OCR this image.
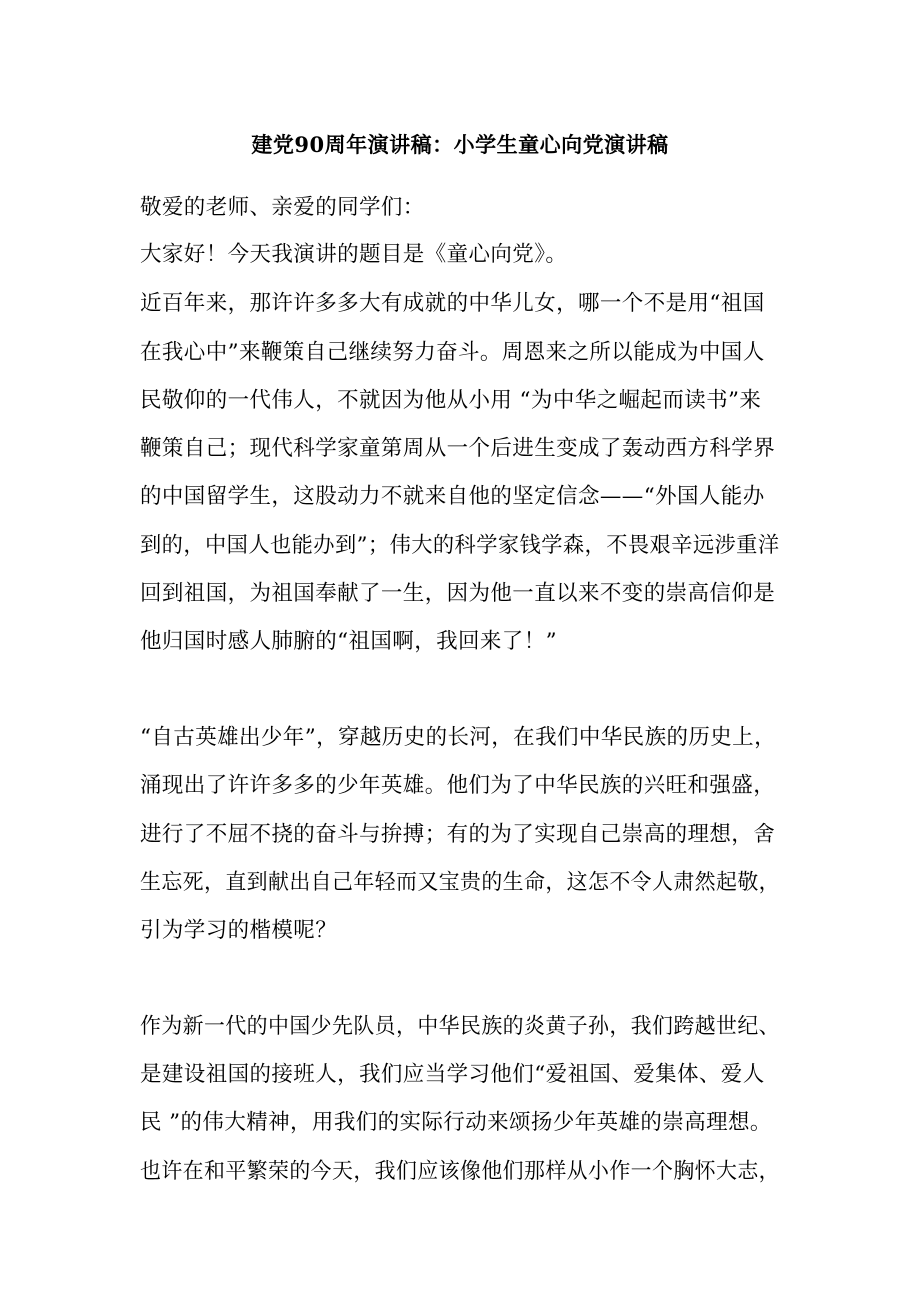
建党90周年演讲稿：小学生童心向党演讲稿
敬爱的老师、亲爱的同学们：
大家好！今天我演讲的题目是《童心向党》。
近百年来，那许许多多大有成就的中华儿女，哪一个不是用“祖国
在我心中”来鞭策自己继续努力奋斗。周恩来之所以能成为中国人
民敬仰的一代伟人，不就因为他从小用 “为中华之崛起而读书”来
鞭策自己；现代科学家童第周从一个后进生变成了轰动西方科学界
的中国留学生，这股动力不就来自他的坚定信念——“外国人能办
到的，中国人也能办到”；伟大的科学家钱学森，不畏艰辛远涉重洋
回到祖国，为祖国奉献了一生，因为他一直以来不变的崇高信仰是
他归国时感人肺腑的“祖国啊，我回来了！”
“自古英雄出少年”，穿越历史的长河，在我们中华民族的历史上，
涌现出了许许多多的少年英雄。他们为了中华民族的兴旺和强盛，
进行了不屈不挠的奋斗与拚搏；有的为了实现自己崇高的理想，舍
生忘死，直到献出自己年轻而又宝贵的生命，这怎不令人肃然起敬，
引为学习的楷模呢？
作为新一代的中国少先队员，中华民族的炎黄子孙，我们跨越世纪、
是建设祖国的接班人，我们应当学习他们“爱祖国、爱集体、爱人
民 ”的伟大精神，用我们的实际行动来颂扬少年英雄的崇高理想。
也许在和平繁荣的今天，我们应该像他们那样从小作一个胸怀大志，
